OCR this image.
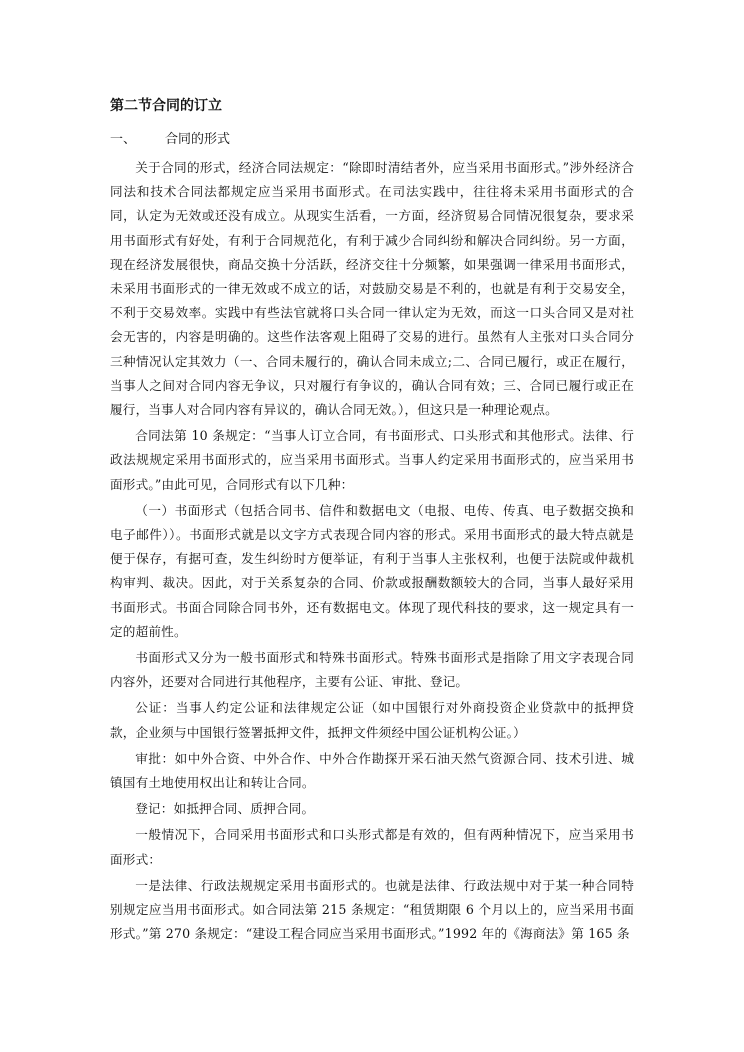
第二节合同的订立
一、	合同的形式

关于合同的形式，经济合同法规定：“除即时清结者外，应当采用书面形式。”涉外经济合同法和技术合同法都规定应当采用书面形式。在司法实践中，往往将未采用书面形式的合同，认定为无效或还没有成立。从现实生活看，一方面，经济贸易合同情况很复杂，要求采用书面形式有好处，有利于合同规范化，有利于减少合同纠纷和解决合同纠纷。另一方面，现在经济发展很快，商品交换十分活跃，经济交往十分频繁，如果强调一律采用书面形式，未采用书面形式的一律无效或不成立的话，对鼓励交易是不利的，也就是有利于交易安全，不利于交易效率。实践中有些法官就将口头合同一律认定为无效，而这一口头合同又是对社会无害的，内容是明确的。这些作法客观上阻碍了交易的进行。虽然有人主张对口头合同分三种情况认定其效力（一、合同未履行的，确认合同未成立;二、合同已履行，或正在履行，当事人之间对合同内容无争议，只对履行有争议的，确认合同有效；三、合同已履行或正在履行，当事人对合同内容有异议的，确认合同无效。），但这只是一种理论观点。

合同法第 10 条规定：“当事人订立合同，有书面形式、口头形式和其他形式。法律、行政法规规定采用书面形式的，应当采用书面形式。当事人约定采用书面形式的，应当采用书面形式。”由此可见，合同形式有以下几种：

（一）书面形式（包括合同书、信件和数据电文（电报、电传、传真、电子数据交换和电子邮件））。书面形式就是以文字方式表现合同内容的形式。采用书面形式的最大特点就是便于保存，有据可查，发生纠纷时方便举证，有利于当事人主张权利，也便于法院或仲裁机构审判、裁决。因此，对于关系复杂的合同、价款或报酬数额较大的合同，当事人最好采用书面形式。书面合同除合同书外，还有数据电文。体现了现代科技的要求，这一规定具有一定的超前性。

书面形式又分为一般书面形式和特殊书面形式。特殊书面形式是指除了用文字表现合同内容外，还要对合同进行其他程序，主要有公证、审批、登记。

公证：当事人约定公证和法律规定公证（如中国银行对外商投资企业贷款中的抵押贷款，企业须与中国银行签署抵押文件，抵押文件须经中国公证机构公证。）

审批：如中外合资、中外合作、中外合作勘探开采石油天然气资源合同、技术引进、城镇国有土地使用权出让和转让合同。

登记：如抵押合同、质押合同。

一般情况下，合同采用书面形式和口头形式都是有效的，但有两种情况下，应当采用书面形式：

一是法律、行政法规规定采用书面形式的。也就是法律、行政法规中对于某一种合同特别规定应当用书面形式。如合同法第 215 条规定：“租赁期限 6 个月以上的，应当采用书面形式。”第 270 条规定：“建设工程合同应当采用书面形式。”1992 年的《海商法》第 165 条
